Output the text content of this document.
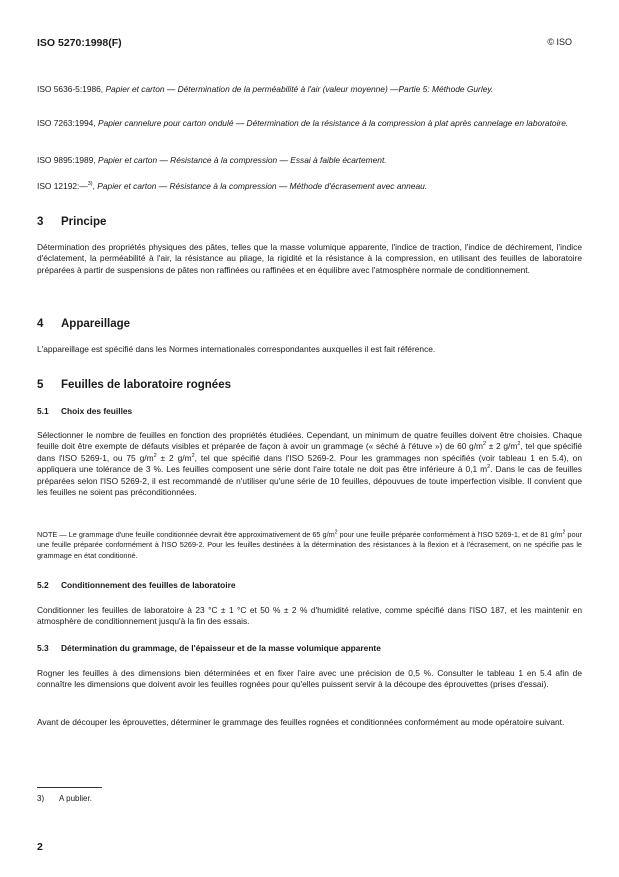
ISO 5270:1998(F)	© ISO
ISO 5636-5:1986, Papier et carton — Détermination de la perméabilité à l'air (valeur moyenne) —Partie 5: Méthode Gurley.
ISO 7263:1994, Papier cannelure pour carton ondulé — Détermination de la résistance à la compression à plat après cannelage en laboratoire.
ISO 9895:1989, Papier et carton — Résistance à la compression — Essai à faible écartement.
ISO 12192:—$^{3)}$, Papier et carton — Résistance à la compression — Méthode d'écrasement avec anneau.
3 Principe
Détermination des propriétés physiques des pâtes, telles que la masse volumique apparente, l'indice de traction, l'indice de déchirement, l'indice d'éclatement, la perméabilité à l'air, la résistance au pliage, la rigidité et la résistance à la compression, en utilisant des feuilles de laboratoire préparées à partir de suspensions de pâtes non raffinées ou raffinées et en équilibre avec l'atmosphère normale de conditionnement.
4 Appareillage
L'appareillage est spécifié dans les Normes internationales correspondantes auxquelles il est fait référence.
5 Feuilles de laboratoire rognées
5.1 Choix des feuilles
Sélectionner le nombre de feuilles en fonction des propriétés étudiées. Cependant, un minimum de quatre feuilles doivent être choisies. Chaque feuille doit être exempte de défauts visibles et préparée de façon à avoir un grammage (« séché à l'étuve ») de 60 $g/m^2 \pm 2$ $g/m^2$, tel que spécifié dans l'ISO 5269-1, ou 75 $g/m^2 \pm 2$ $g/m^2$, tel que spécifié dans l'ISO 5269-2. Pour les grammages non spécifiés (voir tableau 1 en 5.4), on appliquera une tolérance de 3 %. Les feuilles composent une série dont l'aire totale ne doit pas être inférieure à 0,1 $m^2$. Dans le cas de feuilles préparées selon l'ISO 5269-2, il est recommandé de n'utiliser qu'une série de 10 feuilles, dépouvues de toute imperfection visible. Il convient que les feuilles ne soient pas préconditionnées.
NOTE — Le grammage d'une feuille conditionnée devrait être approximativement de 65 $g/m^2$ pour une feuille préparée conformément à l'ISO 5269-1, et de 81 $g/m^2$ pour une feuille préparée conformément à l'ISO 5269-2. Pour les feuilles destinées à la détermination des résistances à la flexion et à l'écrasement, on ne spécifie pas le grammage en état conditionné.
5.2 Conditionnement des feuilles de laboratoire
Conditionner les feuilles de laboratoire à 23 °C ± 1 °C et 50 % ± 2 % d'humidité relative, comme spécifié dans l'ISO 187, et les maintenir en atmosphère de conditionnement jusqu'à la fin des essais.
5.3 Détermination du grammage, de l'épaisseur et de la masse volumique apparente
Rogner les feuilles à des dimensions bien déterminées et en fixer l'aire avec une précision de 0,5 %. Consulter le tableau 1 en 5.4 afin de connaître les dimensions que doivent avoir les feuilles rognées pour qu'elles puissent servir à la découpe des éprouvettes (prises d'essai).
Avant de découper les éprouvettes, déterminer le grammage des feuilles rognées et conditionnées conformément au mode opératoire suivant.
3) A publier.
2
